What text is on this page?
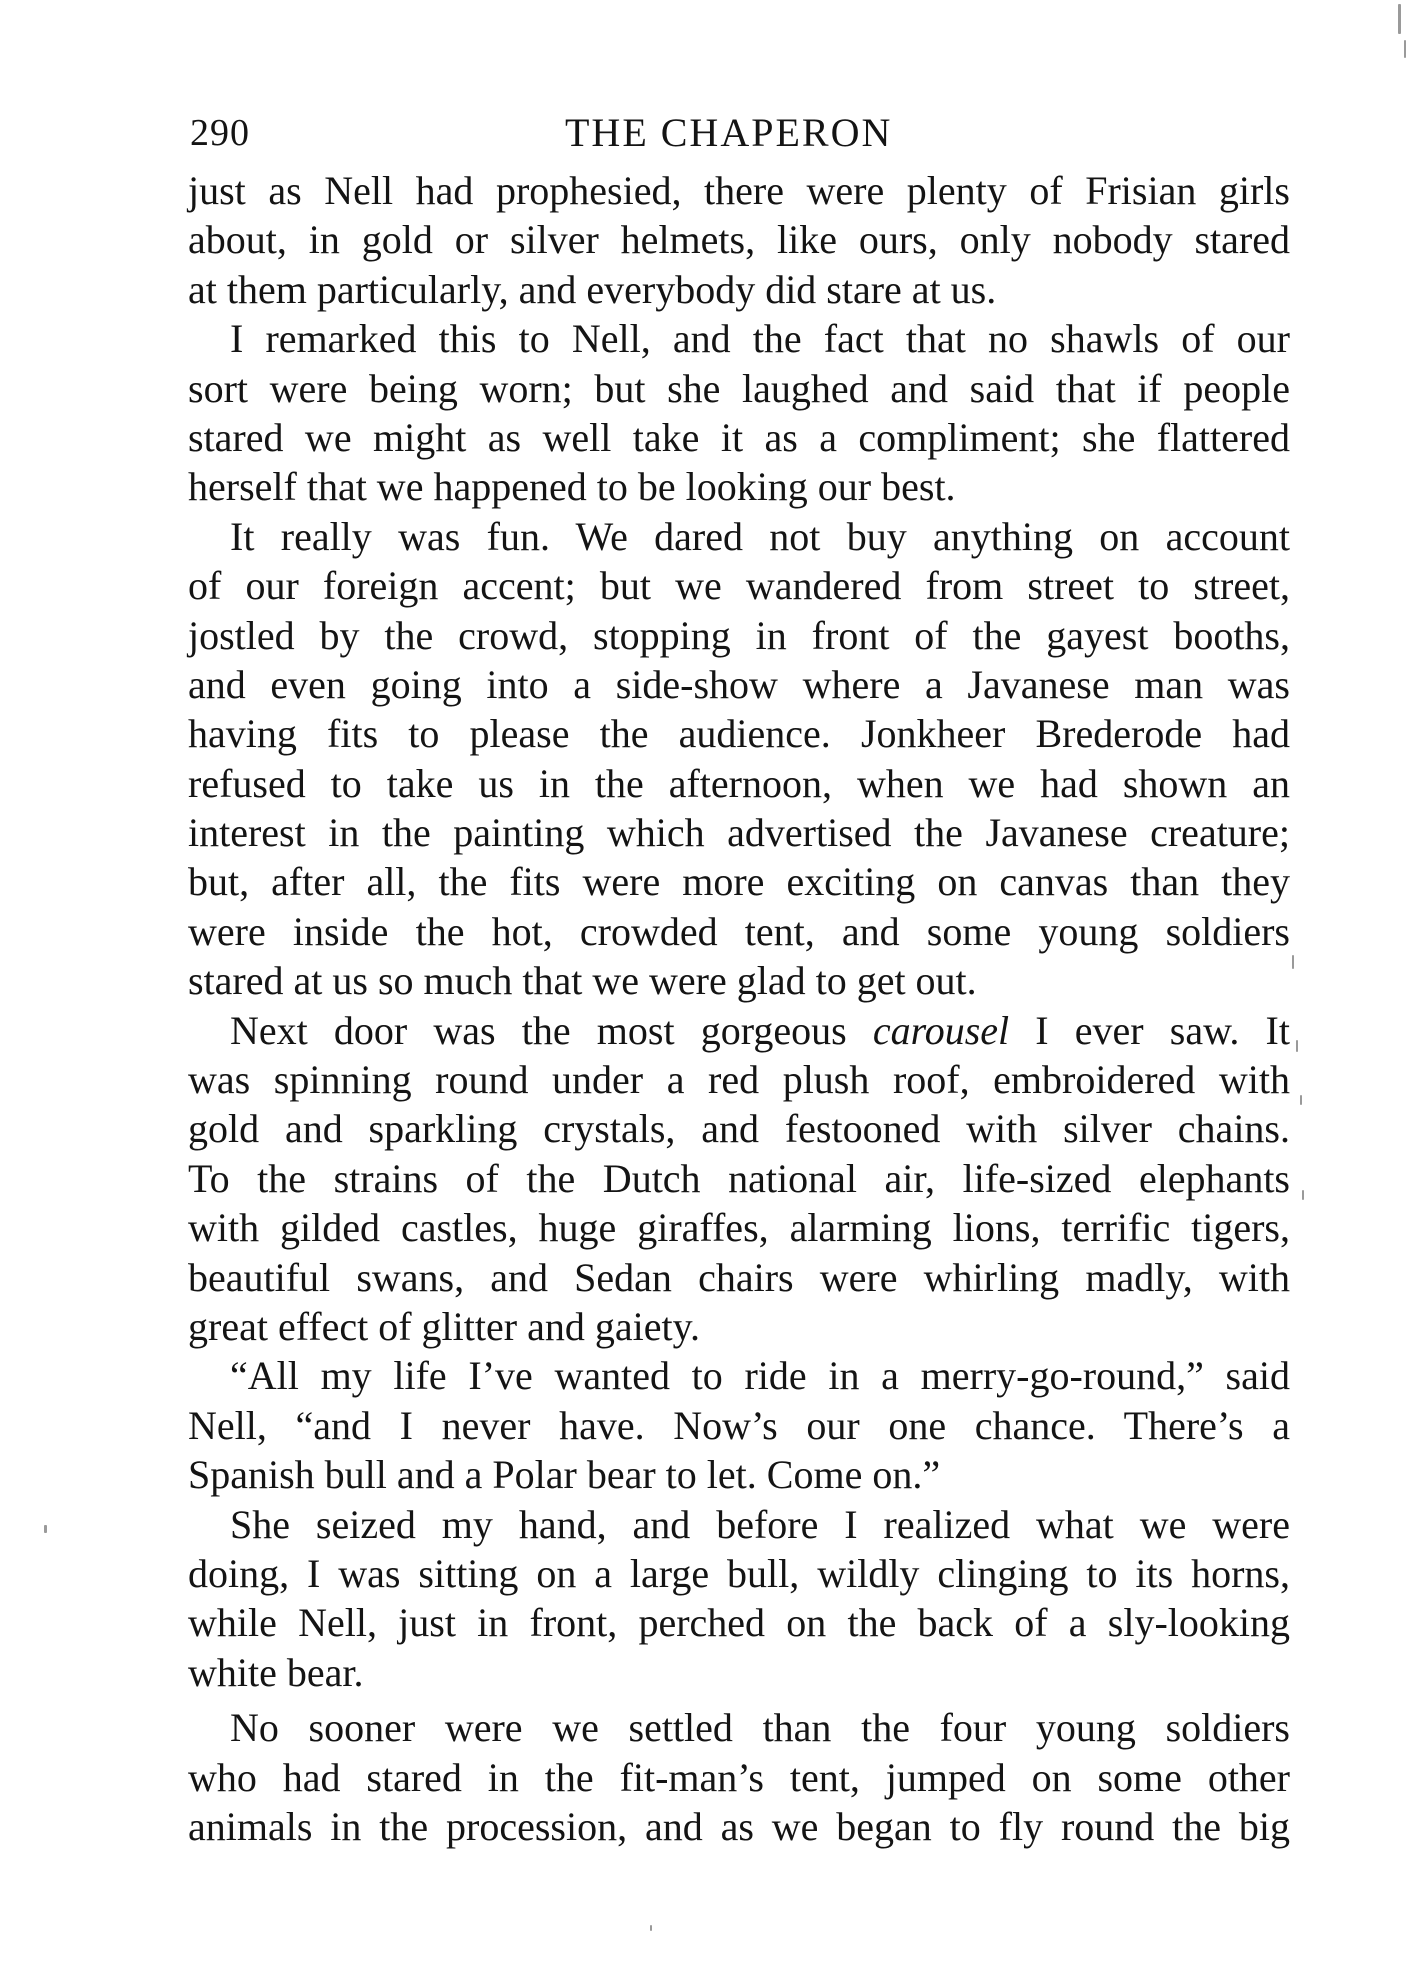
290	THE CHAPERON
just as Nell had prophesied, there were plenty of Frisian girls
about, in gold or silver helmets, like ours, only nobody stared
at them particularly, and everybody did stare at us.
I remarked this to Nell, and the fact that no shawls of our
sort were being worn; but she laughed and said that if people
stared we might as well take it as a compliment; she flattered
herself that we happened to be looking our best.
It really was fun. We dared not buy anything on account
of our foreign accent; but we wandered from street to street,
jostled by the crowd, stopping in front of the gayest booths,
and even going into a side-show where a Javanese man was
having fits to please the audience. Jonkheer Brederode had
refused to take us in the afternoon, when we had shown an
interest in the painting which advertised the Javanese creature;
but, after all, the fits were more exciting on canvas than they
were inside the hot, crowded tent, and some young soldiers
stared at us so much that we were glad to get out.
Next door was the most gorgeous carousel I ever saw. It
was spinning round under a red plush roof, embroidered with
gold and sparkling crystals, and festooned with silver chains.
To the strains of the Dutch national air, life-sized elephants
with gilded castles, huge giraffes, alarming lions, terrific tigers,
beautiful swans, and Sedan chairs were whirling madly, with
great effect of glitter and gaiety.
“All my life I’ve wanted to ride in a merry-go-round,” said
Nell, “and I never have. Now’s our one chance. There’s a
Spanish bull and a Polar bear to let. Come on.”
She seized my hand, and before I realized what we were
doing, I was sitting on a large bull, wildly clinging to its horns,
while Nell, just in front, perched on the back of a sly-looking
white bear.
No sooner were we settled than the four young soldiers
who had stared in the fit-man’s tent, jumped on some other
animals in the procession, and as we began to fly round the big
